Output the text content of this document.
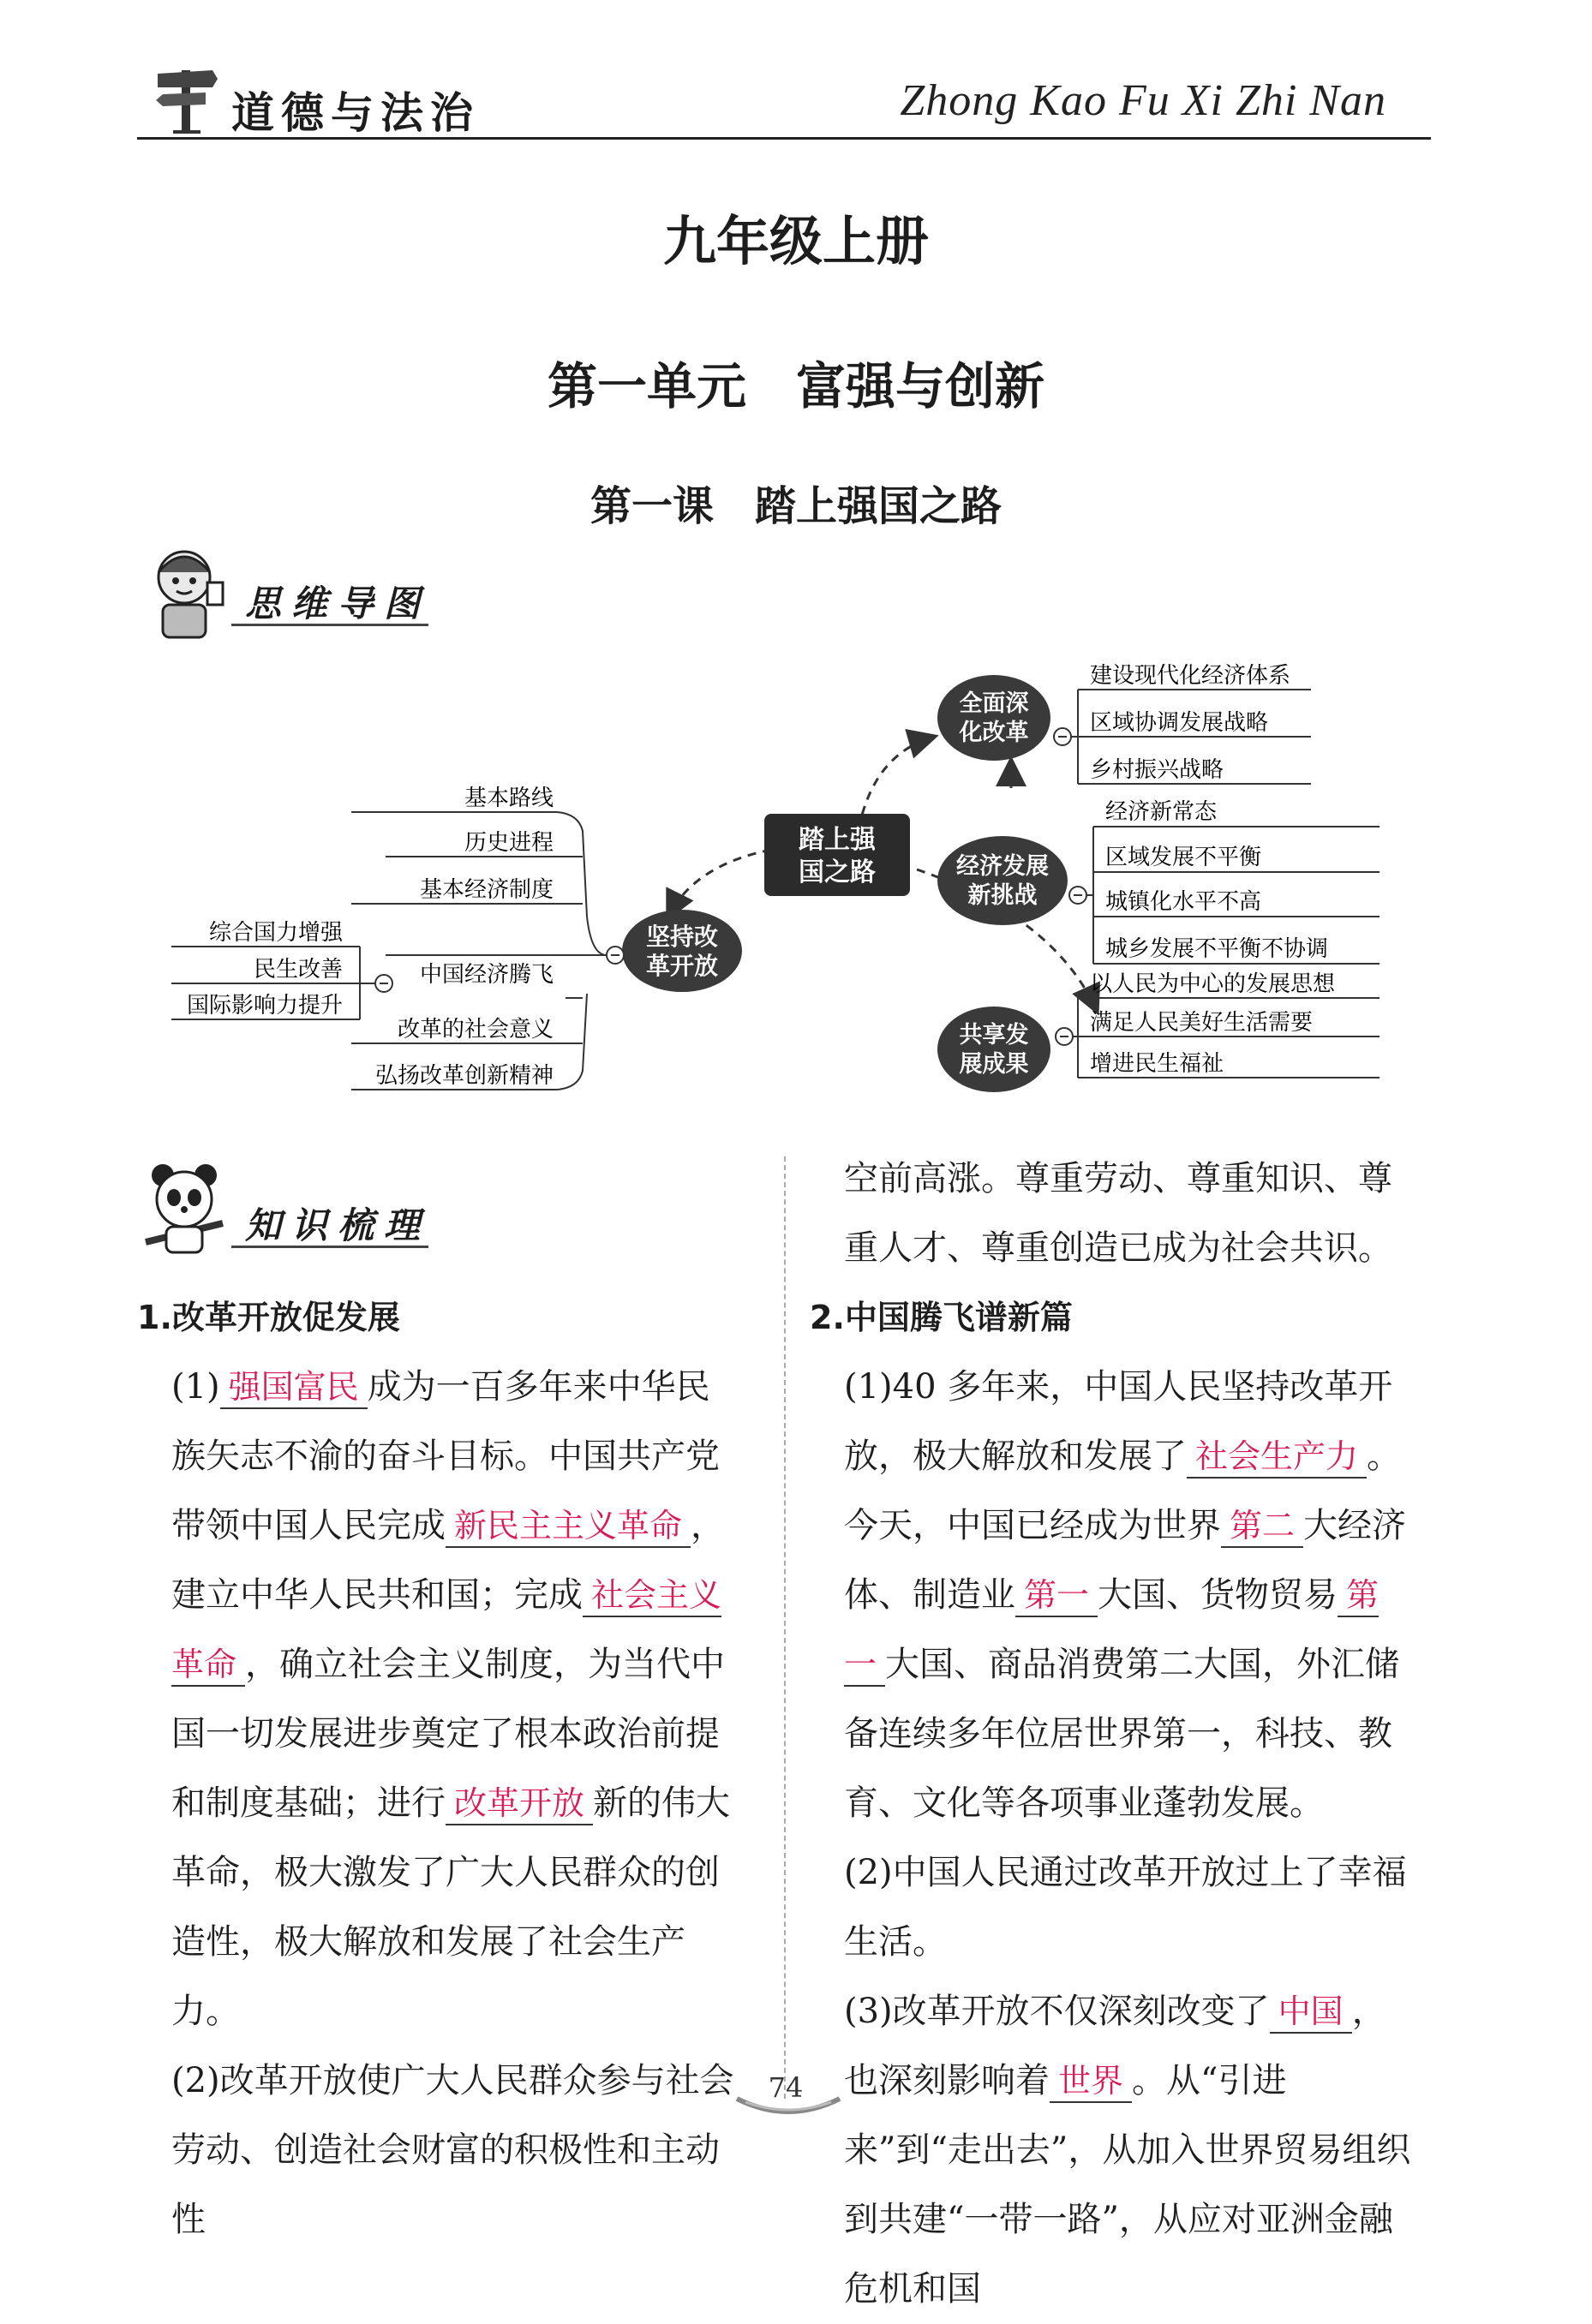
道德与法治	Zhong Kao Fu Xi Zhi Nan
九年级上册
第一单元　富强与创新
第一课　踏上强国之路
思维导图
踏上强
国之路
坚持改
革开放
基本路线
历史进程
基本经济制度
中国经济腾飞
改革的社会意义
弘扬改革创新精神
综合国力增强
民生改善
国际影响力提升
全面深
化改革
建设现代化经济体系
区域协调发展战略
乡村振兴战略
经济发展
新挑战
经济新常态
区域发展不平衡
城镇化水平不高
城乡发展不平衡不协调
共享发
展成果
以人民为中心的发展思想
满足人民美好生活需要
增进民生福祉
知识梳理
1.改革开放促发展

(1) 强国富民 成为一百多年来中华民族矢志不渝的奋斗目标。中国共产党带领中国人民完成 新民主主义革命 ，建立中华人民共和国；完成 社会主义革命 ，确立社会主义制度，为当代中国一切发展进步奠定了根本政治前提和制度基础；进行 改革开放 新的伟大革命，极大激发了广大人民群众的创造性，极大解放和发展了社会生产力。

(2)改革开放使广大人民群众参与社会劳动、创造社会财富的积极性和主动性

空前高涨。尊重劳动、尊重知识、尊重人才、尊重创造已成为社会共识。

2.中国腾飞谱新篇

(1)40 多年来，中国人民坚持改革开放，极大解放和发展了 社会生产力 。今天，中国已经成为世界 第二 大经济体、制造业 第一 大国、货物贸易 第一 大国、商品消费第二大国，外汇储备连续多年位居世界第一，科技、教育、文化等各项事业蓬勃发展。

(2)中国人民通过改革开放过上了幸福生活。

(3)改革开放不仅深刻改变了 中国 ，也深刻影响着 世界 。从“引进来”到“走出去”，从加入世界贸易组织到共建“一带一路”，从应对亚洲金融危机和国

74
